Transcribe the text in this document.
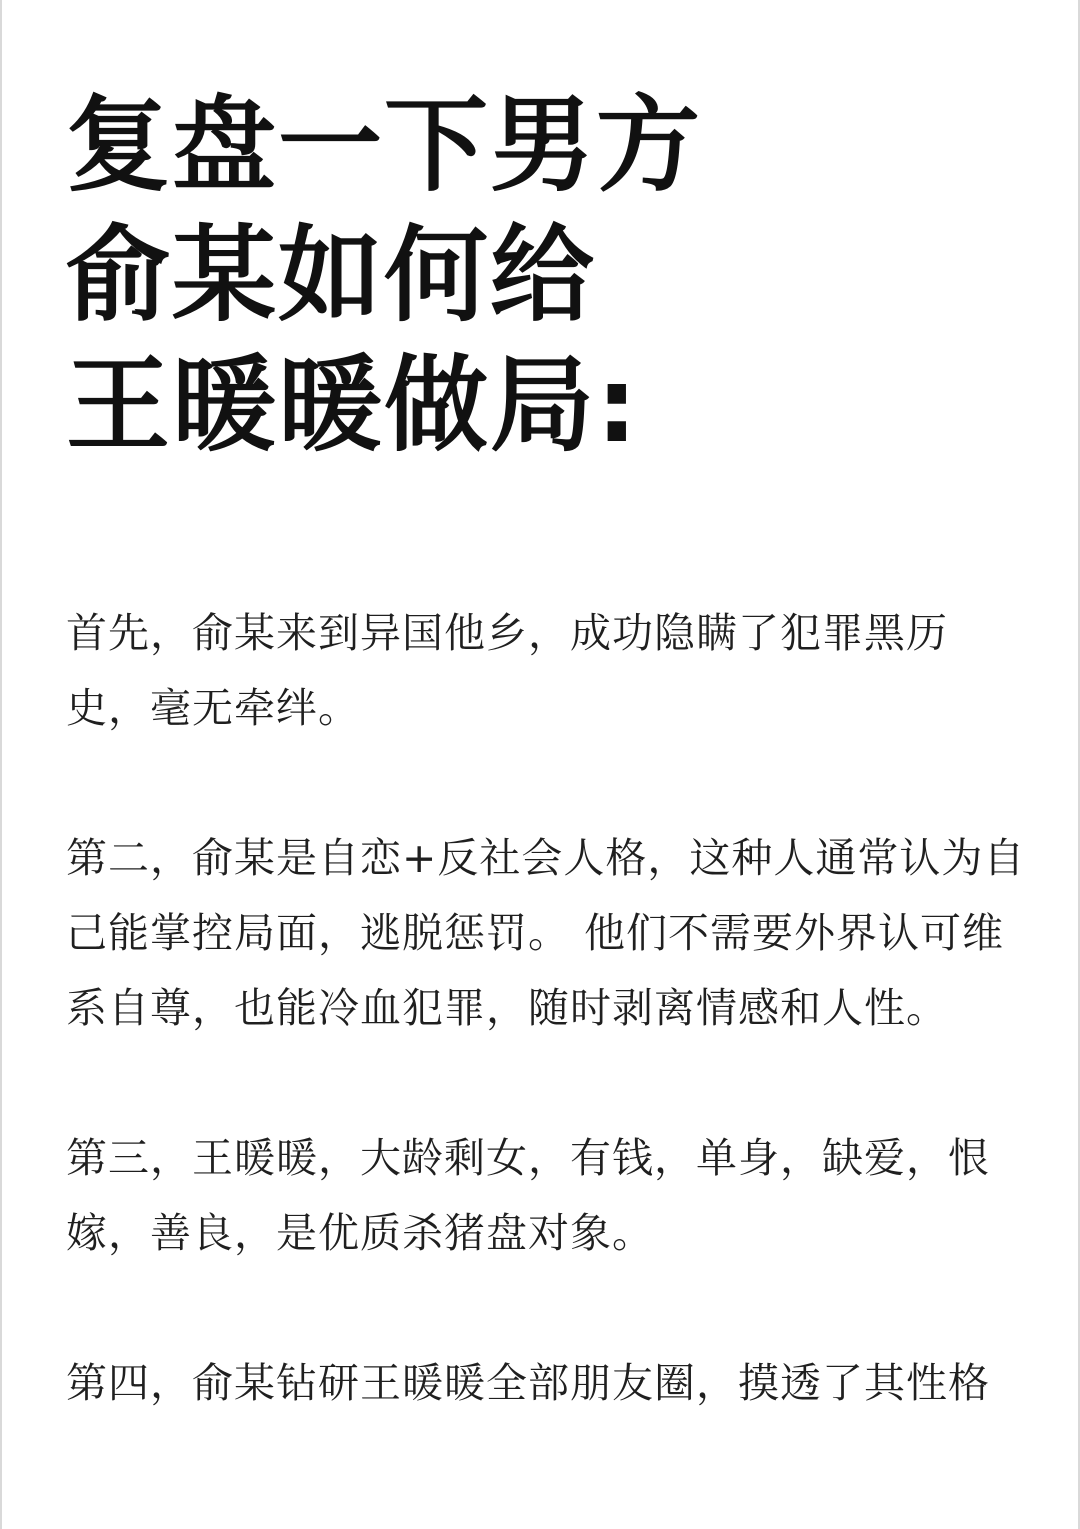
复盘一下男方
俞某如何给
王暖暖做局:

首先，俞某来到异国他乡，成功隐瞒了犯罪黑历史，毫无牵绊。

第二，俞某是自恋+反社会人格，这种人通常认为自己能掌控局面，逃脱惩罚。 他们不需要外界认可维系自尊，也能冷血犯罪，随时剥离情感和人性。

第三，王暖暖，大龄剩女，有钱，单身，缺爱，恨嫁，善良，是优质杀猪盘对象。

第四，俞某钻研王暖暖全部朋友圈，摸透了其性格
